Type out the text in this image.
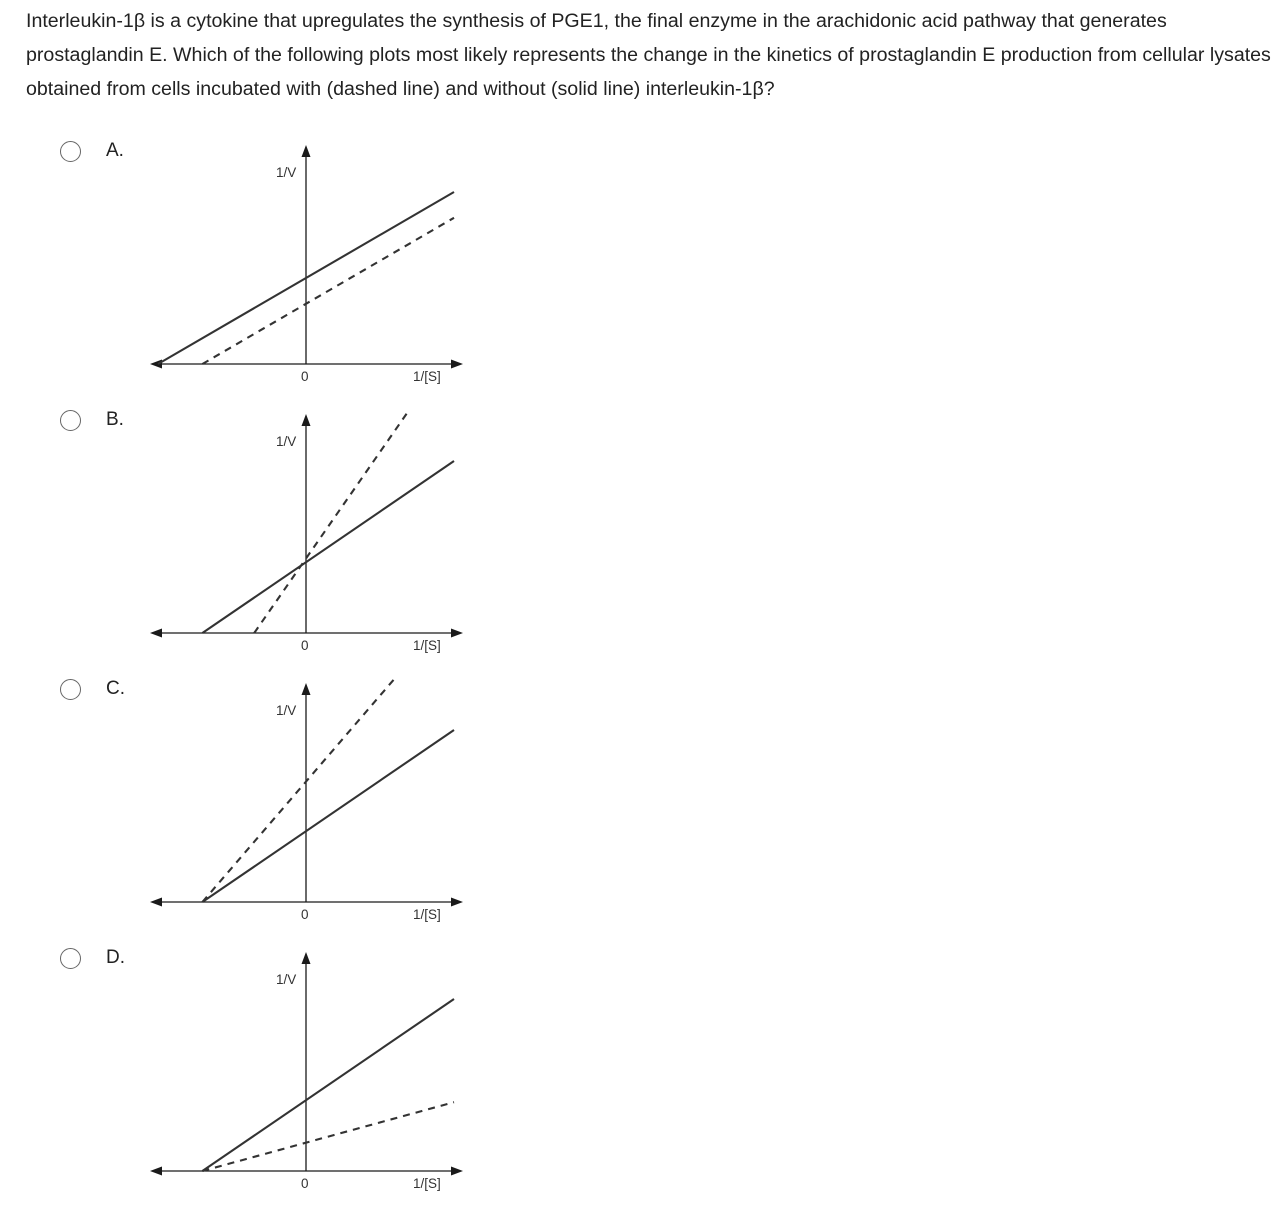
Interleukin-1β is a cytokine that upregulates the synthesis of PGE1, the final enzyme in the arachidonic acid pathway that generates prostaglandin E. Which of the following plots most likely represents the change in the kinetics of prostaglandin E production from cellular lysates obtained from cells incubated with (dashed line) and without (solid line) interleukin-1β?

A.
1/V
1/[S]
0
B.
1/V
1/[S]
0
C.
1/V
1/[S]
0
D.
1/V
1/[S]
0
